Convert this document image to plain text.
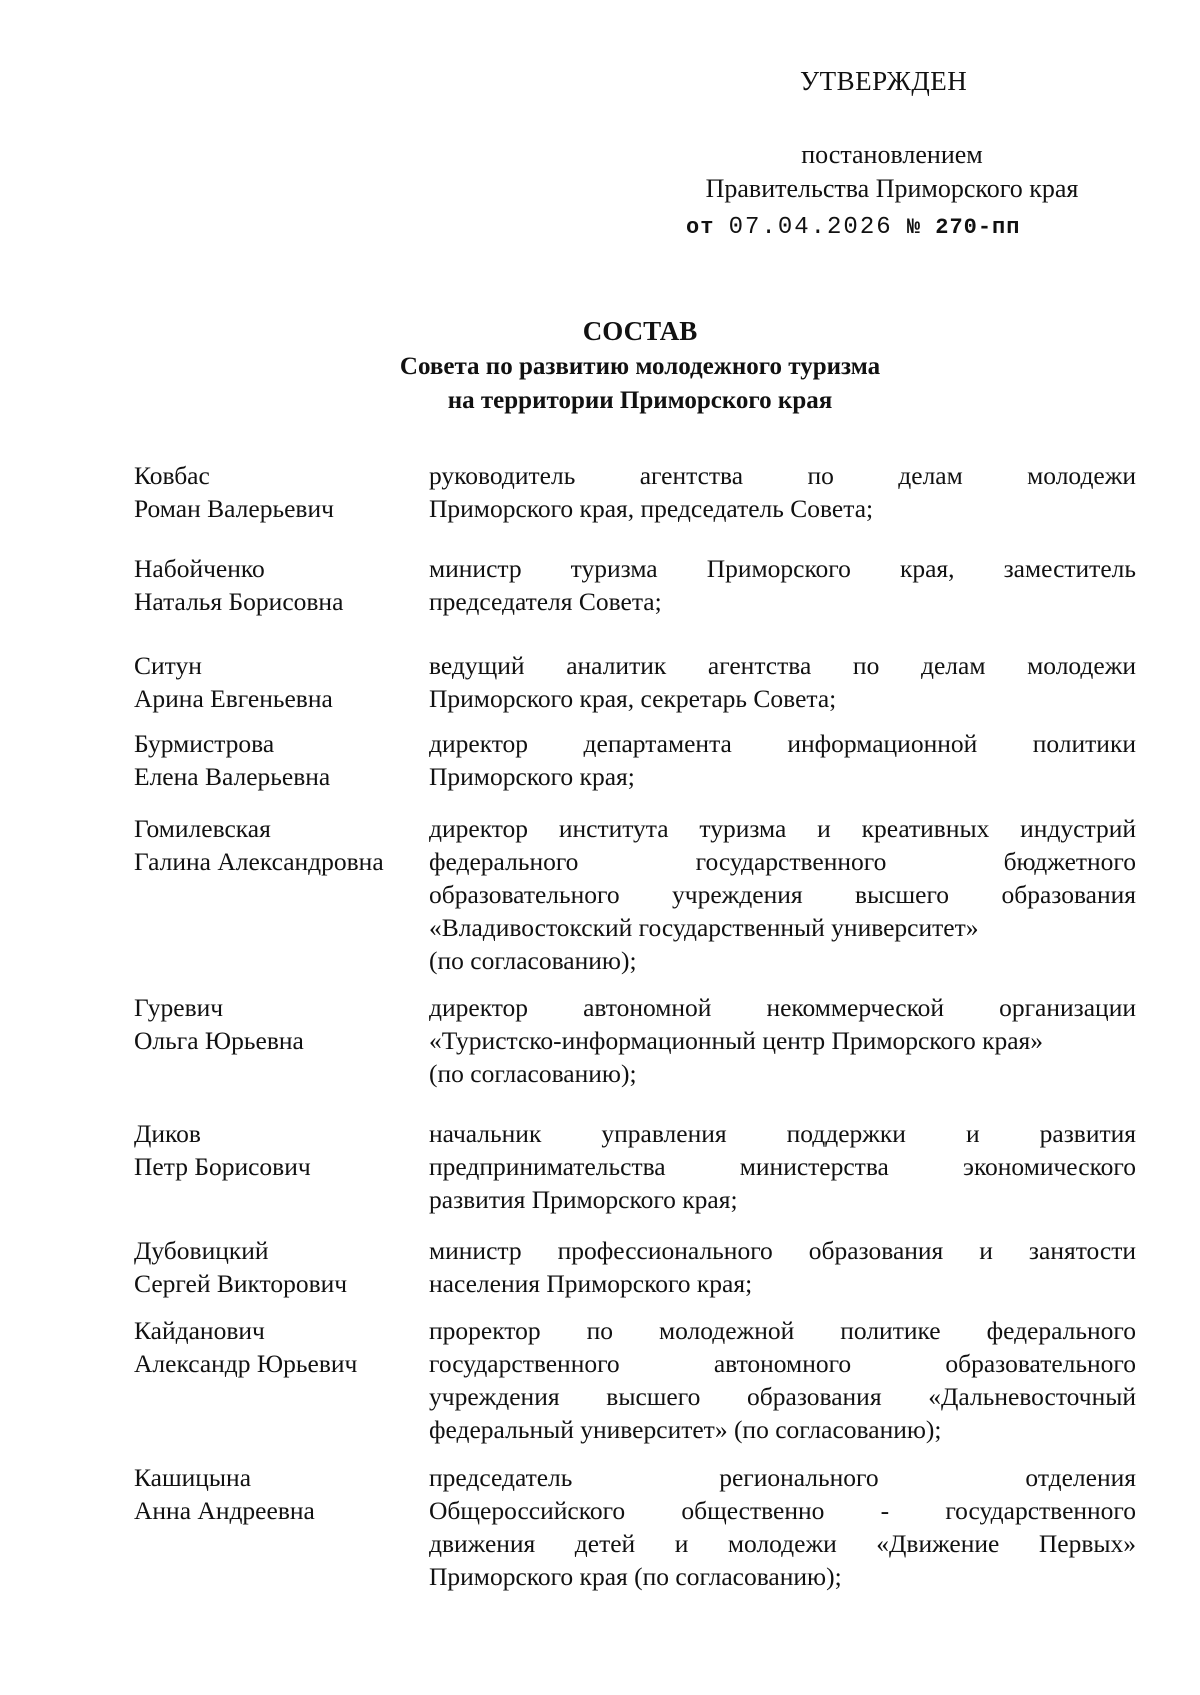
УТВЕРЖДЕН
постановлением
Правительства Приморского края
от 07.04.2026 № 270-пп
СОСТАВ
Совета по развитию молодежного туризма
на территории Приморского края
Ковбас
Роман Валерьевич
руководитель агентства по делам молодежи
Приморского края, председатель Совета;
Набойченко
Наталья Борисовна
министр туризма Приморского края, заместитель
председателя Совета;
Ситун
Арина Евгеньевна
ведущий аналитик агентства по делам молодежи
Приморского края, секретарь Совета;
Бурмистрова
Елена Валерьевна
директор департамента информационной политики
Приморского края;
Гомилевская
Галина Александровна
директор института туризма и креативных индустрий
федерального государственного бюджетного
образовательного учреждения высшего образования
«Владивостокский государственный университет»
(по согласованию);
Гуревич
Ольга Юрьевна
директор автономной некоммерческой организации
«Туристско-информационный центр Приморского края»
(по согласованию);
Диков
Петр Борисович
начальник управления поддержки и развития
предпринимательства министерства экономического
развития Приморского края;
Дубовицкий
Сергей Викторович
министр профессионального образования и занятости
населения Приморского края;
Кайданович
Александр Юрьевич
проректор по молодежной политике федерального
государственного автономного образовательного
учреждения высшего образования «Дальневосточный
федеральный университет» (по согласованию);
Кашицына
Анна Андреевна
председатель регионального отделения
Общероссийского общественно - государственного
движения детей и молодежи «Движение Первых»
Приморского края (по согласованию);
